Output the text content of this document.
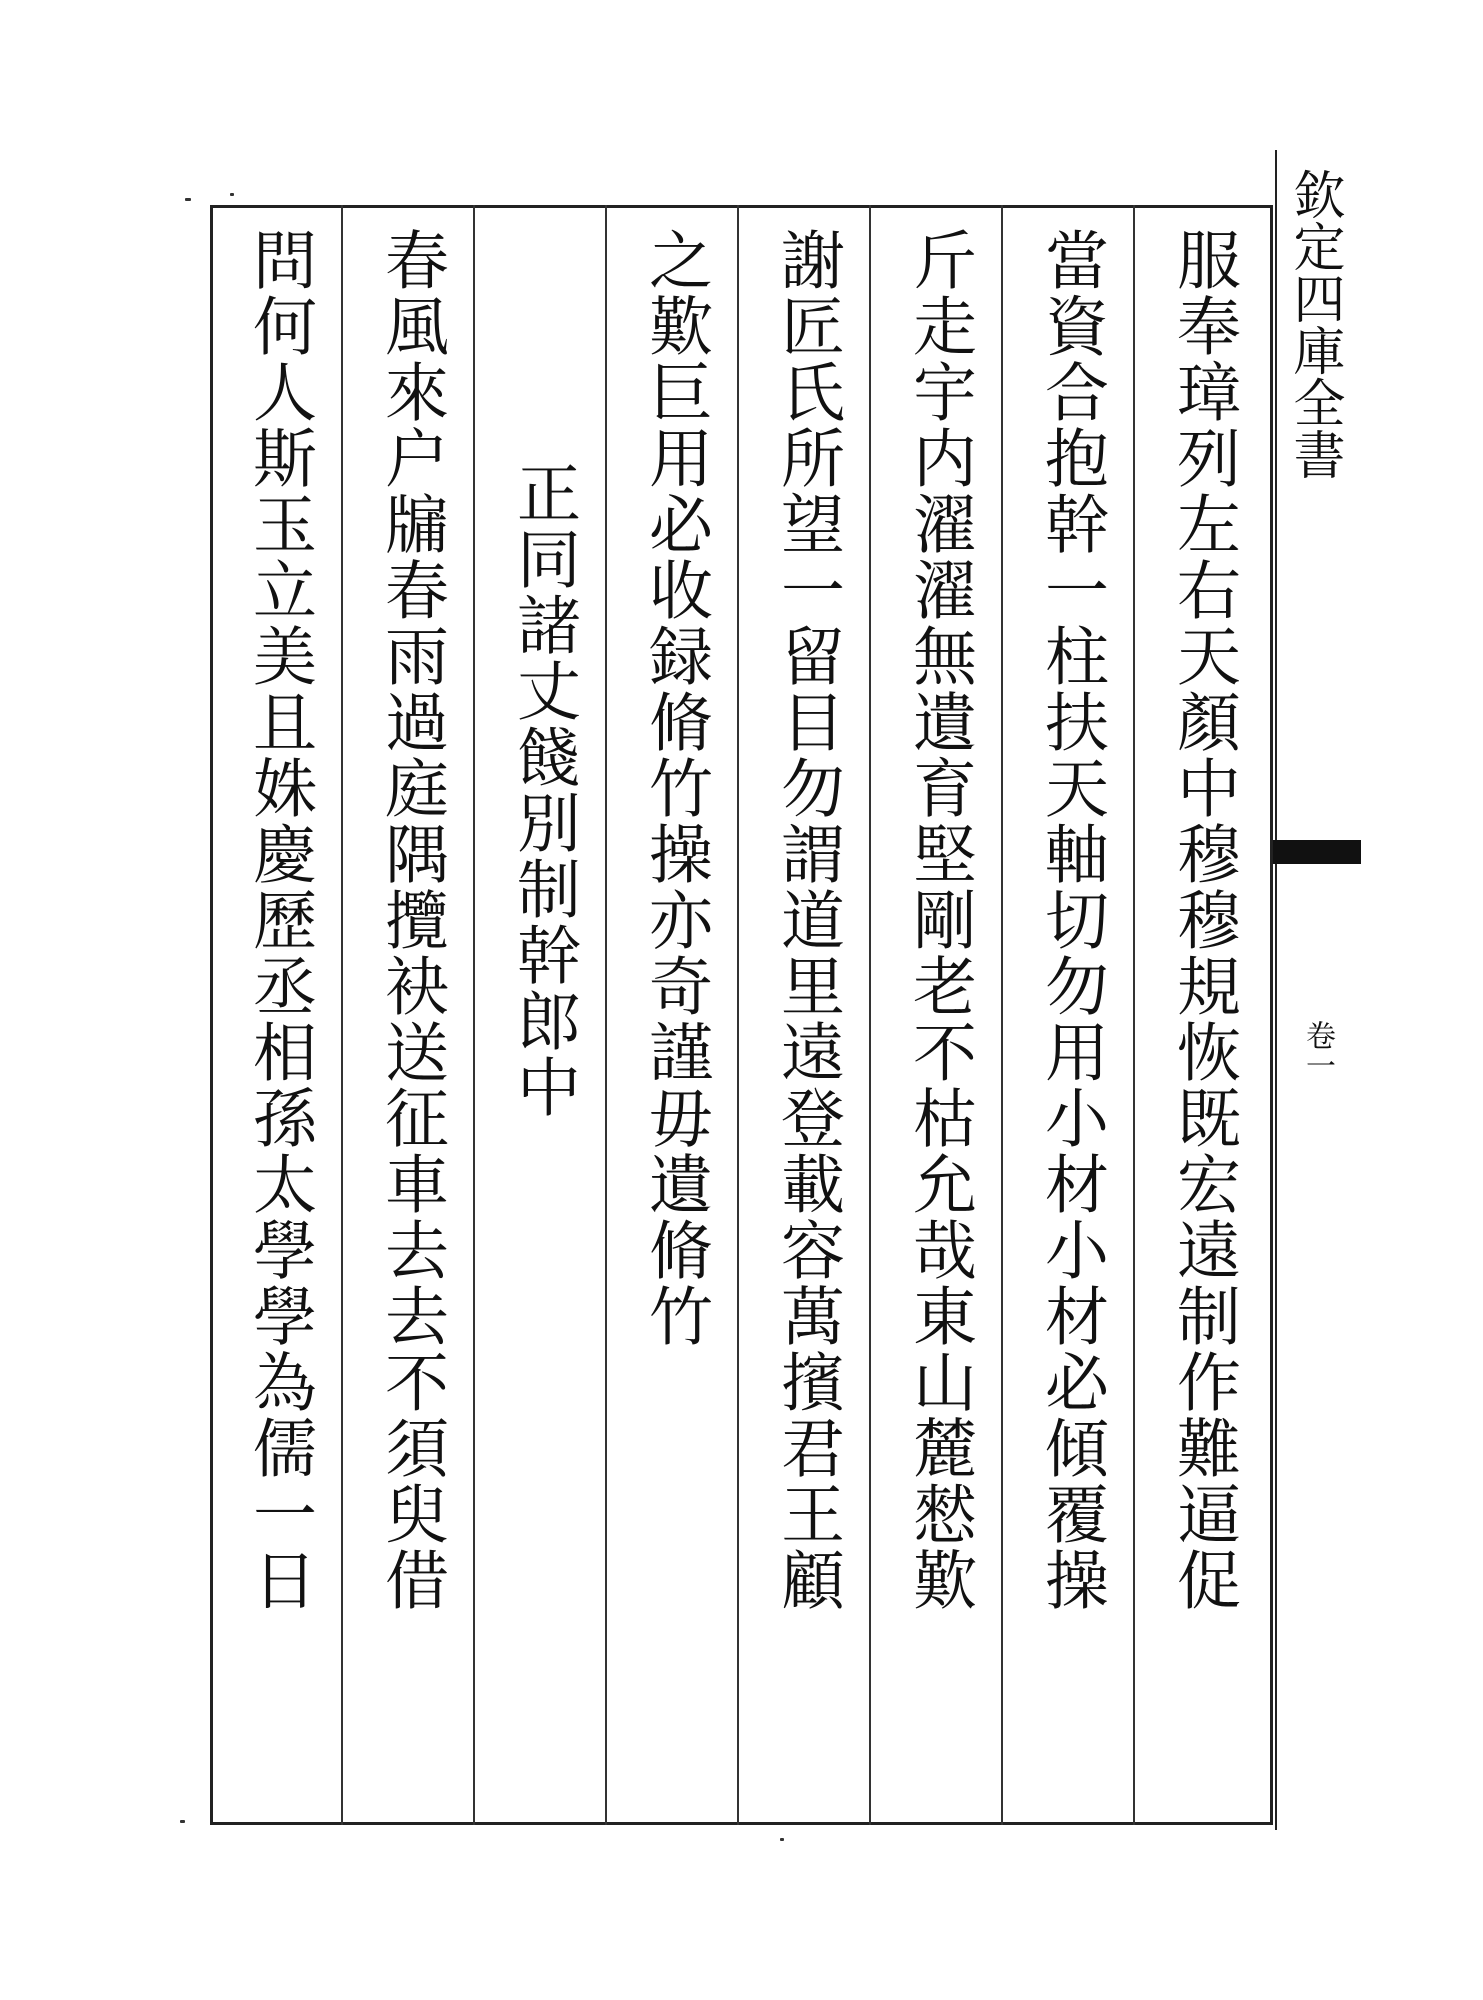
服奉璋列左右天顏中穆穆規恢既宏遠制作難逼促
當資合抱幹一柱扶天軸切勿用小材小材必傾覆操
斤走宇内濯濯無遺育堅剛老不枯允哉東山麓憖歎
謝匠氏所望一留目勿謂道里遠登載容萬擯君王顧
之歎巨用必收録脩竹操亦奇謹毋遺脩竹
正同諸丈餞別制幹郎中
春風來户牖春雨過庭隅攬袂送征車去去不須臾借
問何人斯玉立美且姝慶歷丞相孫太學學為儒一日	欽定四庫全書
卷一
